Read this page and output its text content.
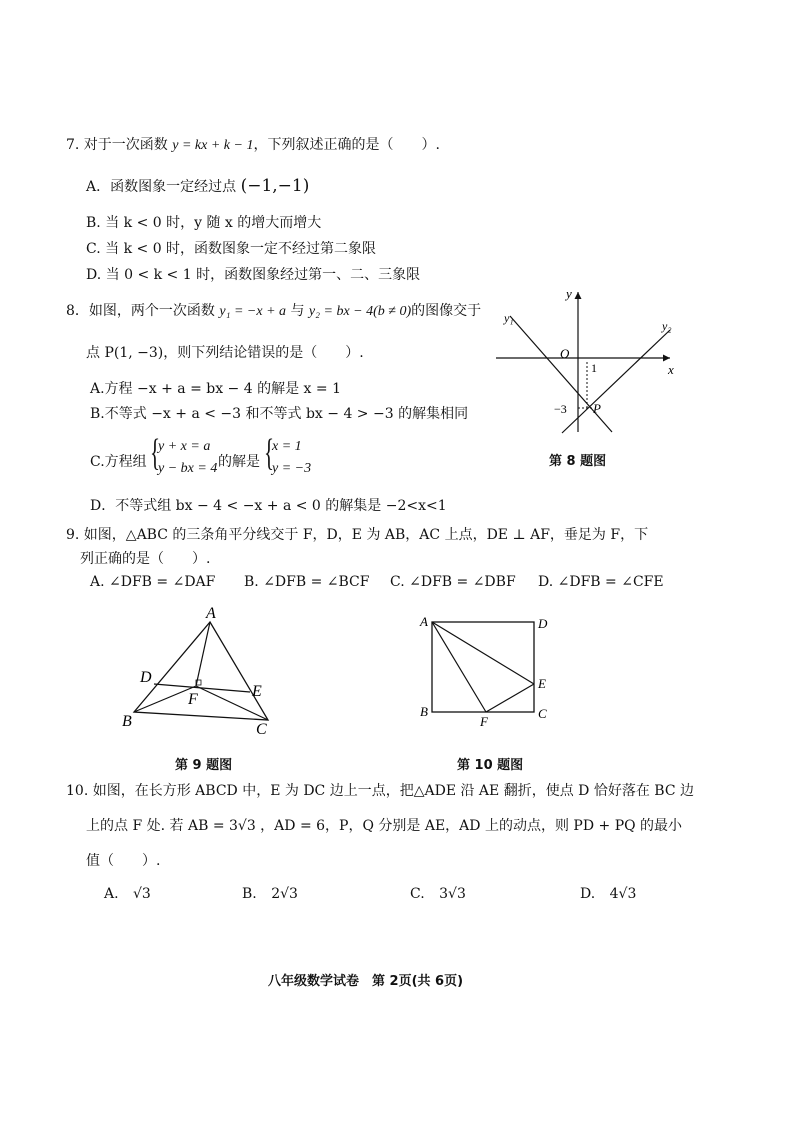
7. 对于一次函数 y = kx + k − 1，下列叙述正确的是（　　）.
A．函数图象一定经过点 (−1,−1)
B. 当 k < 0 时，y 随 x 的增大而增大
C. 当 k < 0 时，函数图象一定不经过第二象限
D. 当 0 < k < 1 时，函数图象经过第一、二、三象限
8．如图，两个一次函数 y₁ = −x + a 与 y₂ = bx − 4(b ≠ 0)的图像交于
点 P(1, −3)，则下列结论错误的是（　　）.
A.方程 −x + a = bx − 4 的解是 x = 1
B.不等式 −x + a < −3 和不等式 bx − 4 > −3 的解集相同
C.方程组 {
y + x = a
y − bx = 4 的解是 {
x = 1
y = −3
D．不等式组 bx − 4 < −x + a < 0 的解集是 −2<x<1
y
x
O
y₁
y₂
1
−3 P
第 8 题图
9. 如图，△ABC 的三条角平分线交于 F，D，E 为 AB，AC 上点，DE ⊥ AF，垂足为 F，下
列正确的是（　　）.
A. ∠DFB = ∠DAF B. ∠DFB = ∠BCF C. ∠DFB = ∠DBF D. ∠DFB = ∠CFE
A
B	C
D
E
F
第 9 题图
A
B	C
D
E
F
第 10 题图
10. 如图，在长方形 ABCD 中，E 为 DC 边上一点，把△ADE 沿 AE 翻折，使点 D 恰好落在 BC 边
上的点 F 处. 若 AB = 3√3 ，AD = 6，P，Q 分别是 AE，AD 上的动点，则 PD + PQ 的最小
值（　　）.
A. √3	B. 2√3	C. 3√3	D. 4√3
八年级数学试卷　第 2页(共 6页)
